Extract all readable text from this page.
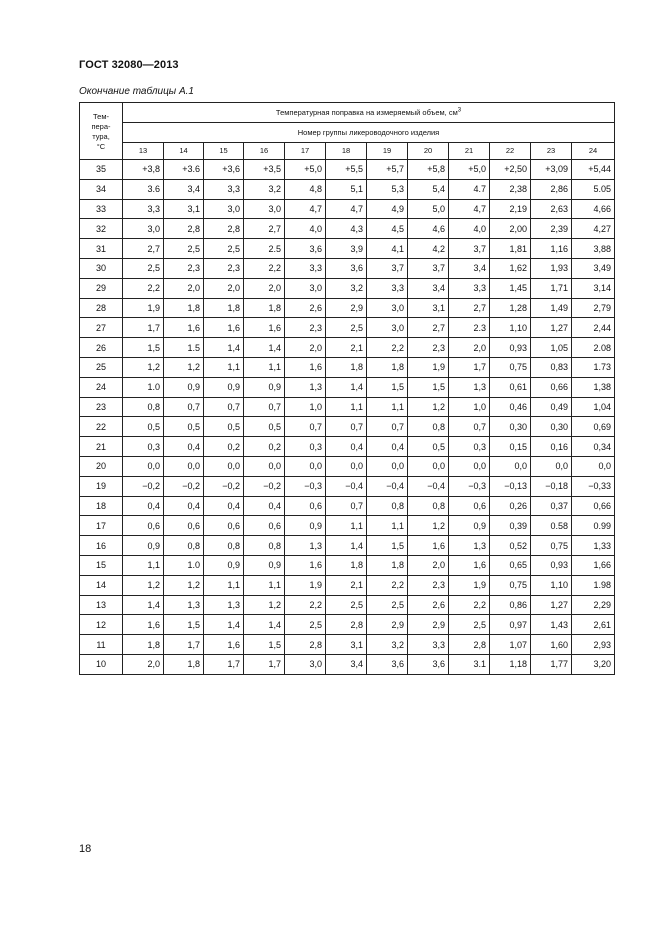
ГОСТ 32080—2013
Окончание таблицы А.1
Тем-
пера-
тура,
°С	Температурная поправка на измеряемый объем, $см^3$
	Номер группы ликероводочного изделия											
	13	14	15	16	17	18	19	20	21	22	23	24
35	+3,8	+3.6	+3,6	+3,5	+5,0	+5,5	+5,7	+5,8	+5,0	+2,50	+3,09	+5,44
34	3.6	3,4	3,3	3,2	4,8	5,1	5,3	5,4	4.7	2,38	2,86	5.05
33	3,3	3,1	3,0	3,0	4,7	4,7	4,9	5,0	4,7	2,19	2,63	4,66
32	3,0	2,8	2,8	2,7	4,0	4,3	4,5	4,6	4,0	2,00	2,39	4,27
31	2,7	2,5	2,5	2.5	3,6	3,9	4,1	4,2	3,7	1,81	1,16	3,88
30	2,5	2,3	2,3	2,2	3,3	3,6	3,7	3,7	3,4	1,62	1,93	3,49
29	2,2	2,0	2,0	2,0	3,0	3,2	3,3	3,4	3,3	1,45	1,71	3,14
28	1,9	1,8	1,8	1,8	2,6	2,9	3,0	3,1	2,7	1,28	1,49	2,79
27	1,7	1,6	1,6	1,6	2,3	2,5	3,0	2,7	2.3	1,10	1,27	2,44
26	1,5	1.5	1,4	1,4	2,0	2,1	2,2	2,3	2,0	0,93	1,05	2.08
25	1,2	1,2	1,1	1,1	1,6	1,8	1,8	1,9	1,7	0,75	0,83	1.73
24	1.0	0,9	0,9	0,9	1,3	1,4	1,5	1,5	1,3	0,61	0,66	1,38
23	0,8	0,7	0,7	0,7	1,0	1,1	1,1	1,2	1,0	0,46	0,49	1,04
22	0,5	0,5	0,5	0,5	0,7	0,7	0,7	0,8	0,7	0,30	0,30	0,69
21	0,3	0,4	0,2	0,2	0,3	0,4	0,4	0,5	0,3	0,15	0,16	0,34
20	0,0	0,0	0,0	0,0	0,0	0,0	0,0	0,0	0,0	0,0	0,0	0,0
19	−0,2	−0,2	−0,2	−0,2	−0,3	−0,4	−0,4	−0,4	−0,3	−0,13	−0,18	−0,33
18	0,4	0,4	0,4	0,4	0,6	0,7	0,8	0,8	0,6	0,26	0,37	0,66
17	0,6	0,6	0,6	0,6	0,9	1,1	1,1	1,2	0,9	0,39	0.58	0.99
16	0,9	0,8	0,8	0,8	1,3	1,4	1,5	1,6	1,3	0,52	0,75	1,33
15	1,1	1.0	0,9	0,9	1,6	1,8	1,8	2,0	1,6	0,65	0,93	1,66
14	1,2	1,2	1,1	1,1	1,9	2,1	2,2	2,3	1,9	0,75	1,10	1.98
13	1,4	1,3	1,3	1,2	2,2	2,5	2,5	2,6	2,2	0,86	1,27	2,29
12	1,6	1,5	1,4	1,4	2,5	2,8	2,9	2,9	2,5	0,97	1,43	2,61
11	1,8	1,7	1,6	1,5	2,8	3,1	3,2	3,3	2,8	1,07	1,60	2,93
10	2,0	1,8	1,7	1,7	3,0	3,4	3,6	3,6	3.1	1,18	1,77	3,20
18
